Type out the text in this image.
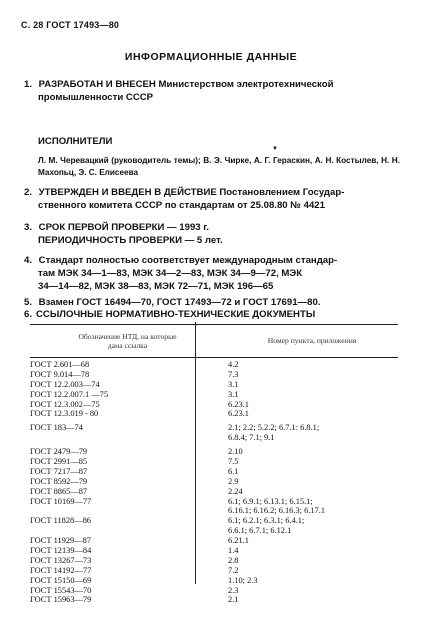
С. 28 ГОСТ 17493—80
ИНФОРМАЦИОННЫЕ ДАННЫЕ
1. РАЗРАБОТАН И ВНЕСЕН Министерством электротехнической
промышленности СССР
ИСПОЛНИТЕЛИ
▼
Л. М. Черевацкий (руководитель темы); В. Э. Чирке, А. Г. Гераскин, А. Н. Костылев, Н. Н. Махопьц, Э. С. Елисеева
2. УТВЕРЖДЕН И ВВЕДЕН В ДЕЙСТВИЕ Постановлением Государ-
ственного комитета СССР по стандартам от 25.08.80 № 4421
3. СРОК ПЕРВОЙ ПРОВЕРКИ — 1993 г.
ПЕРИОДИЧНОСТЬ ПРОВЕРКИ — 5 лет.
4. Стандарт полностью соответствует международным стандар-
там МЭК 34—1—83, МЭК 34—2—83, МЭК 34—9—72, МЭК
34—14—82, МЭК 38—83, МЭК 72—71, МЭК 196—65
5. Взамен ГОСТ 16494—70, ГОСТ 17493—72 и ГОСТ 17691—80.
Обозначение НТД, на которые
дана ссылка
Номер пункта, приложения
ГОСТ 2.601—68	4.2
ГОСТ 9.014—78	7.3
ГОСТ 12.2.003—74	3.1
ГОСТ 12.2.007.1 —75	3.1
ГОСТ 12.3.002—75	6.23.1
ГОСТ 12.3.019 - 80	6.23.1
ГОСТ 183—74	2.1; 2.2; 5.2.2; 6.7.1: 6.8.1;
6.8.4; 7.1; 9.1
ГОСТ 2479—79	2.10
ГОСТ 2991—85	7.5
ГОСТ 7217—87	6.1
ГОСТ 8592—79	2.9
ГОСТ 8865—87	2.24
ГОСТ 10169—77	6.1; 6.9.1; 6.13.1; 6.15.1;
6.16.1; 6.16.2; 6.16.3; 6.17.1
ГОСТ 11828—86	6.1; 6.2.1; 6.3.1; 6.4.1;
6.6.1; 6.7.1; 6.12.1
ГОСТ 11929—87	6.21.1
ГОСТ 12139—84	1.4
ГОСТ 13267—73	2.8
ГОСТ 14192—77	7.2
ГОСТ 15150—69	1.10; 2.3
ГОСТ 15543—70	2.3
ГОСТ 15963—79	2.1
6. ССЫЛОЧНЫЕ НОРМАТИВНО-ТЕХНИЧЕСКИЕ ДОКУМЕНТЫ
